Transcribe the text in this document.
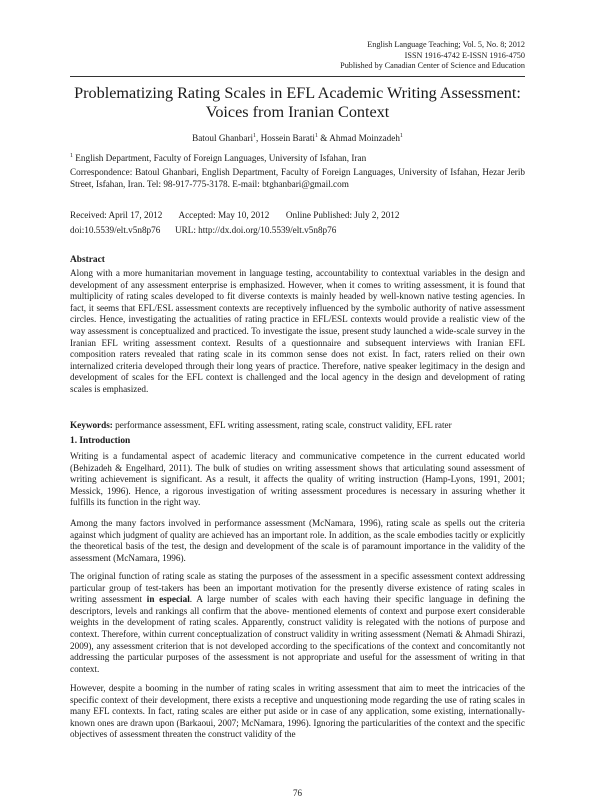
English Language Teaching; Vol. 5, No. 8; 2012
ISSN 1916-4742 E-ISSN 1916-4750
Published by Canadian Center of Science and Education
Problematizing Rating Scales in EFL Academic Writing Assessment:
Voices from Iranian Context
Batoul Ghanbari$^1$, Hossein Barati$^1$ & Ahmad Moinzadeh$^1$
$^1$ English Department, Faculty of Foreign Languages, University of Isfahan, Iran
Correspondence: Batoul Ghanbari, English Department, Faculty of Foreign Languages, University of Isfahan, Hezar Jerib Street, Isfahan, Iran. Tel: 98-917-775-3178. E-mail: btghanbari@gmail.com
Received: April 17, 2012 Accepted: May 10, 2012 Online Published: July 2, 2012
doi:10.5539/elt.v5n8p76 URL: http://dx.doi.org/10.5539/elt.v5n8p76
Abstract
Along with a more humanitarian movement in language testing, accountability to contextual variables in the design and development of any assessment enterprise is emphasized. However, when it comes to writing assessment, it is found that multiplicity of rating scales developed to fit diverse contexts is mainly headed by well-known native testing agencies. In fact, it seems that EFL/ESL assessment contexts are receptively influenced by the symbolic authority of native assessment circles. Hence, investigating the actualities of rating practice in EFL/ESL contexts would provide a realistic view of the way assessment is conceptualized and practiced. To investigate the issue, present study launched a wide-scale survey in the Iranian EFL writing assessment context. Results of a questionnaire and subsequent interviews with Iranian EFL composition raters revealed that rating scale in its common sense does not exist. In fact, raters relied on their own internalized criteria developed through their long years of practice. Therefore, native speaker legitimacy in the design and development of scales for the EFL context is challenged and the local agency in the design and development of rating scales is emphasized.
Keywords: performance assessment, EFL writing assessment, rating scale, construct validity, EFL rater
1. Introduction
Writing is a fundamental aspect of academic literacy and communicative competence in the current educated world (Behizadeh & Engelhard, 2011). The bulk of studies on writing assessment shows that articulating sound assessment of writing achievement is significant. As a result, it affects the quality of writing instruction (Hamp-Lyons, 1991, 2001; Messick, 1996). Hence, a rigorous investigation of writing assessment procedures is necessary in assuring whether it fulfills its function in the right way.
Among the many factors involved in performance assessment (McNamara, 1996), rating scale as spells out the criteria against which judgment of quality are achieved has an important role. In addition, as the scale embodies tacitly or explicitly the theoretical basis of the test, the design and development of the scale is of paramount importance in the validity of the assessment (McNamara, 1996).
The original function of rating scale as stating the purposes of the assessment in a specific assessment context addressing particular group of test-takers has been an important motivation for the presently diverse existence of rating scales in writing assessment in especial. A large number of scales with each having their specific language in defining the descriptors, levels and rankings all confirm that the above- mentioned elements of context and purpose exert considerable weights in the development of rating scales. Apparently, construct validity is relegated with the notions of purpose and context. Therefore, within current conceptualization of construct validity in writing assessment (Nemati & Ahmadi Shirazi, 2009), any assessment criterion that is not developed according to the specifications of the context and concomitantly not addressing the particular purposes of the assessment is not appropriate and useful for the assessment of writing in that context.
However, despite a booming in the number of rating scales in writing assessment that aim to meet the intricacies of the specific context of their development, there exists a receptive and unquestioning mode regarding the use of rating scales in many EFL contexts. In fact, rating scales are either put aside or in case of any application, some existing, internationally-known ones are drawn upon (Barkaoui, 2007; McNamara, 1996). Ignoring the particularities of the context and the specific objectives of assessment threaten the construct validity of the
76
